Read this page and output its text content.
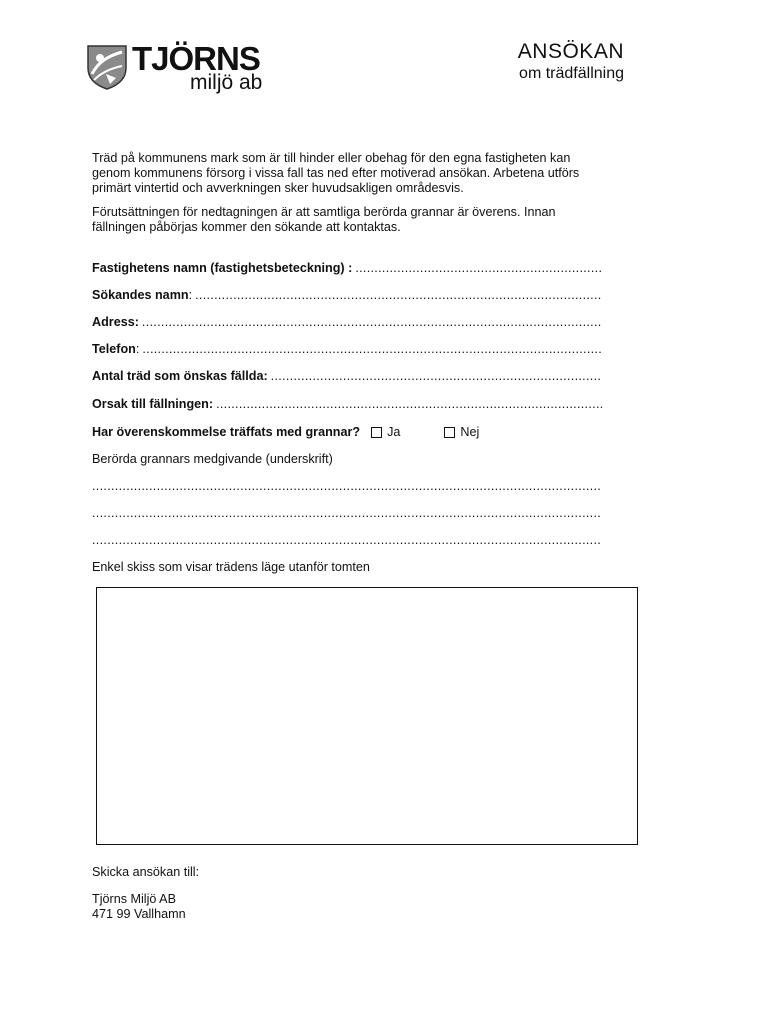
TJÖRNS
miljö ab
ANSÖKAN
om trädfällning
Träd på kommunens mark som är till hinder eller obehag för den egna fastigheten kan genom kommunens försorg i vissa fall tas ned efter motiverad ansökan. Arbetena utförs primärt vintertid och avverkningen sker huvudsakligen områdesvis.
Förutsättningen för nedtagningen är att samtliga berörda grannar är överens. Innan fällningen påbörjas kommer den sökande att kontaktas.
Fastighetens namn (fastighetsbeteckning) :
.....
Sökandes namn :
.....
Adress:
.....
Telefon :
.....
Antal träd som önskas fällda:
.....
Orsak till fällningen:
.....
Har överenskommelse träffats med grannar? Ja	Nej
Berörda grannars medgivande (underskrift)
.....
.....
.....
Enkel skiss som visar trädens läge utanför tomten
Skicka ansökan till:
Tjörns Miljö AB
471 99 Vallhamn
